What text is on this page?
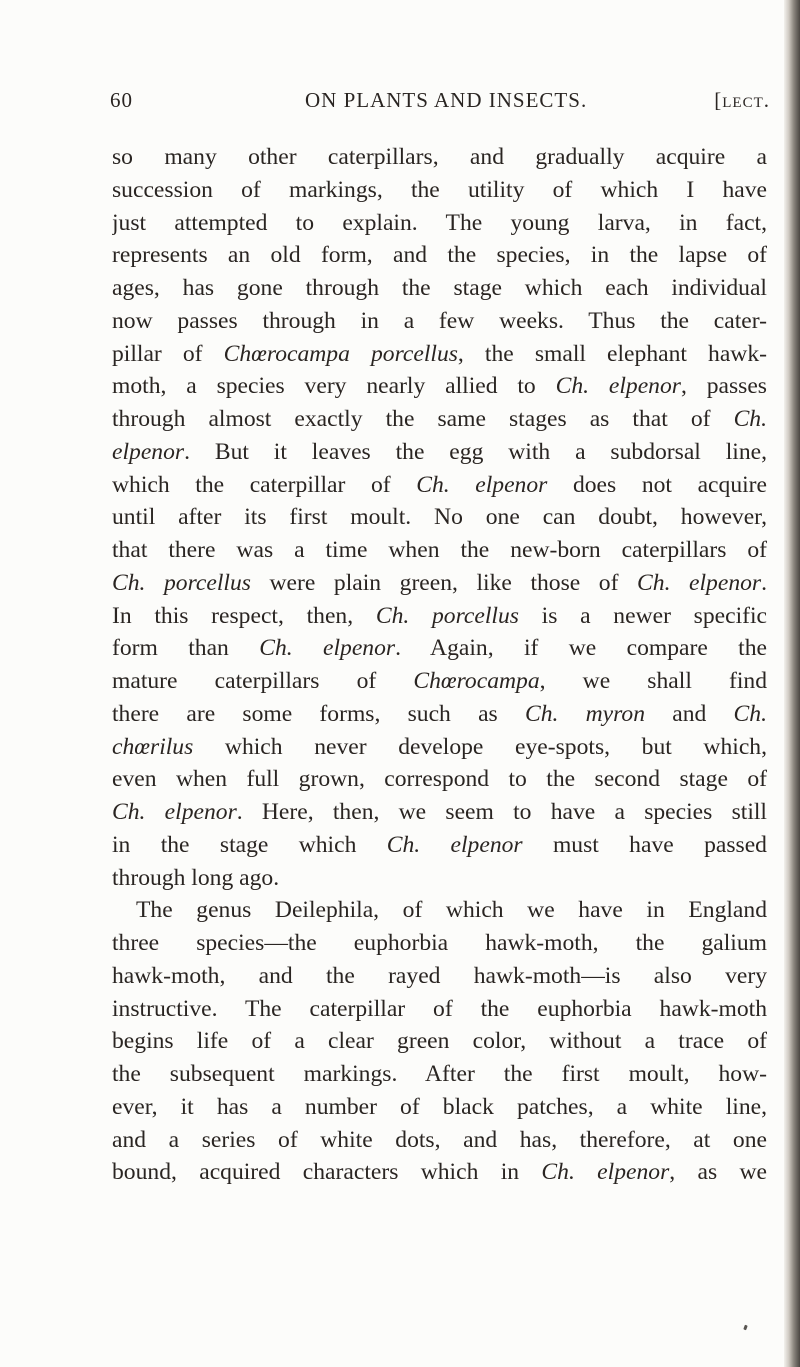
60	ON PLANTS AND INSECTS.	[lect.
so many other caterpillars, and gradually acquire a
succession of markings, the utility of which I have
just attempted to explain. The young larva, in fact,
represents an old form, and the species, in the lapse of
ages, has gone through the stage which each individual
now passes through in a few weeks. Thus the cater-
pillar of Chœrocampa porcellus, the small elephant hawk-
moth, a species very nearly allied to Ch. elpenor, passes
through almost exactly the same stages as that of Ch.
elpenor. But it leaves the egg with a subdorsal line,
which the caterpillar of Ch. elpenor does not acquire
until after its first moult. No one can doubt, however,
that there was a time when the new-born caterpillars of
Ch. porcellus were plain green, like those of Ch. elpenor.
In this respect, then, Ch. porcellus is a newer specific
form than Ch. elpenor. Again, if we compare the
mature caterpillars of Chœrocampa, we shall find
there are some forms, such as Ch. myron and Ch.
chœrilus which never develope eye-spots, but which,
even when full grown, correspond to the second stage of
Ch. elpenor. Here, then, we seem to have a species still
in the stage which Ch. elpenor must have passed
through long ago.
The genus Deilephila, of which we have in England
three species—the euphorbia hawk-moth, the galium
hawk-moth, and the rayed hawk-moth—is also very
instructive. The caterpillar of the euphorbia hawk-moth
begins life of a clear green color, without a trace of
the subsequent markings. After the first moult, how-
ever, it has a number of black patches, a white line,
and a series of white dots, and has, therefore, at one
bound, acquired characters which in Ch. elpenor, as we
